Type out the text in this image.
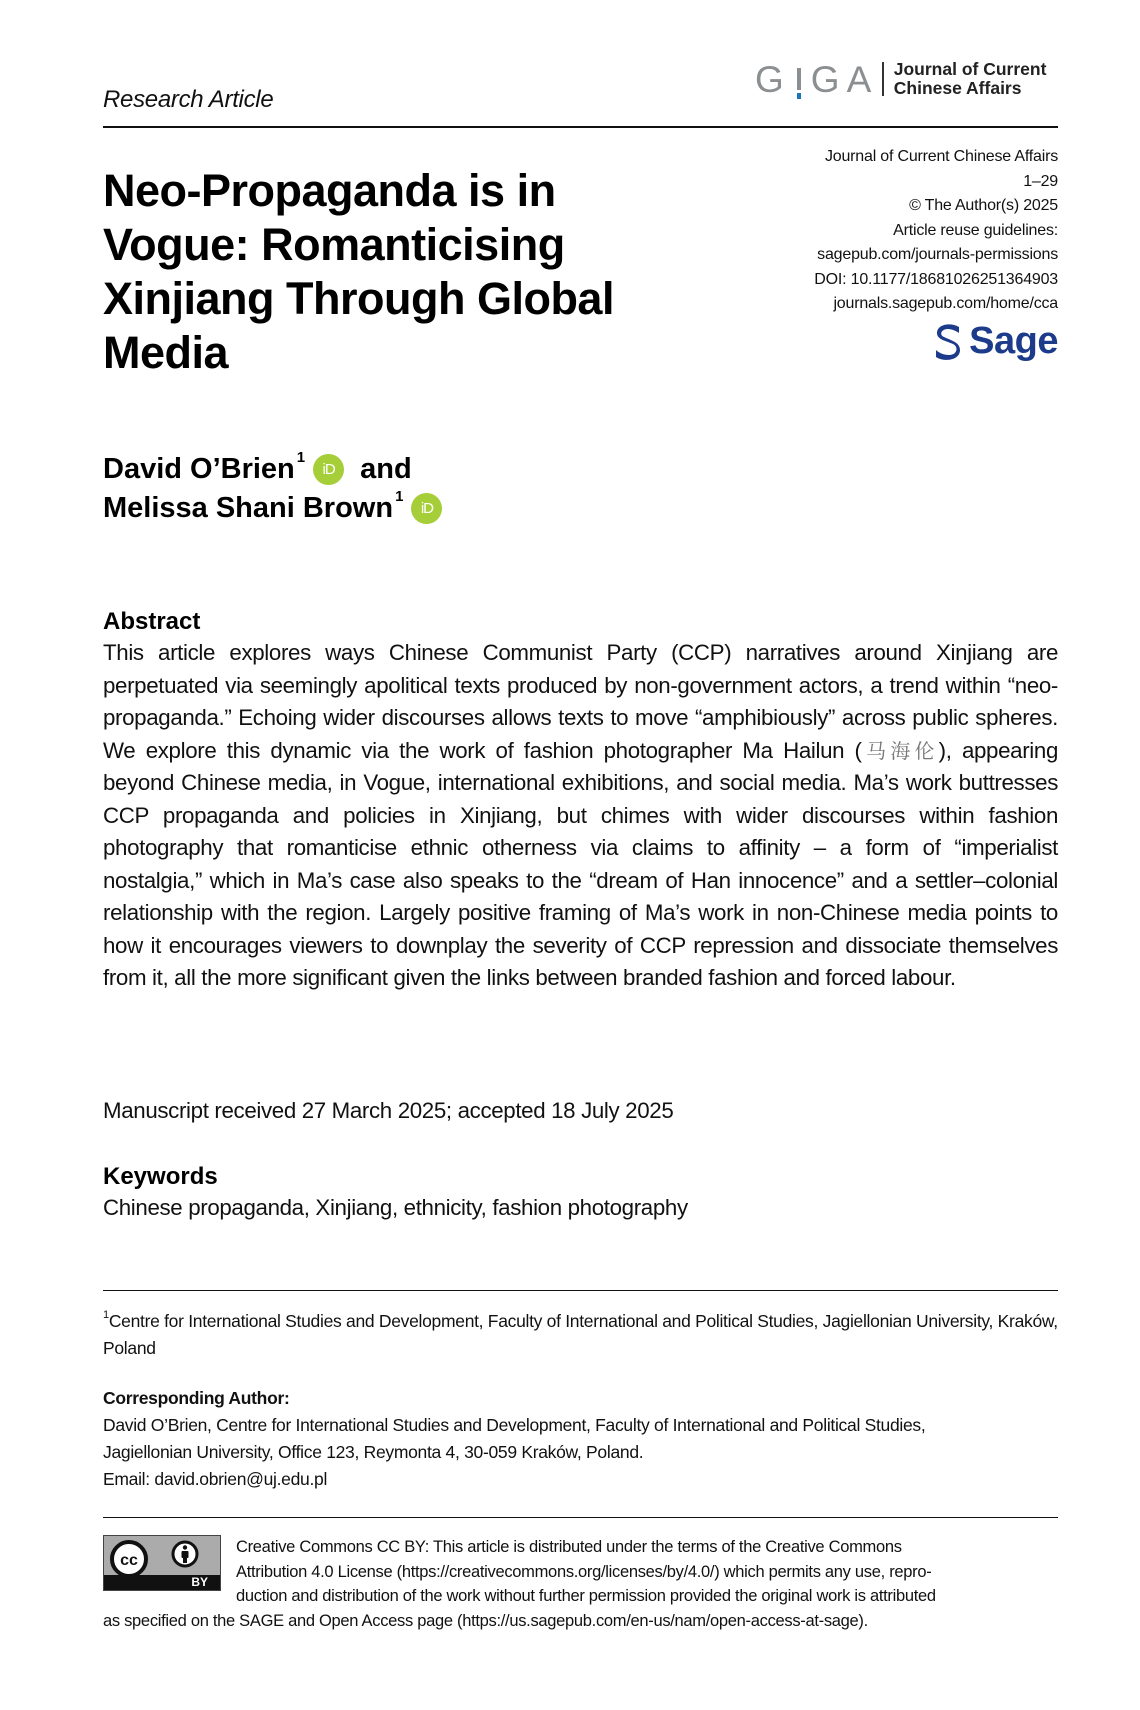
Research Article	G G A Journal of Current
Chinese Affairs
Neo-Propaganda is in Vogue: Romanticising Xinjiang Through Global Media
Journal of Current Chinese Affairs
1–29
© The Author(s) 2025
Article reuse guidelines:
sagepub.com/journals-permissions
DOI: 10.1177/18681026251364903
journals.sagepub.com/home/cca
Sage
David O’Brien$^1$
iD and
Melissa Shani Brown$^1$
iD
Abstract

This article explores ways Chinese Communist Party (CCP) narratives around Xinjiang are perpetuated via seemingly apolitical texts produced by non-government actors, a trend within “neo-propaganda.” Echoing wider discourses allows texts to move “amphibiously” across public spheres. We explore this dynamic via the work of fashion photographer Ma Hailun (马海伦), appearing beyond Chinese media, in Vogue, international exhibitions, and social media. Ma’s work buttresses CCP propaganda and policies in Xinjiang, but chimes with wider discourses within fashion photography that romanticise ethnic otherness via claims to affinity – a form of “imperialist nostalgia,” which in Ma’s case also speaks to the “dream of Han innocence” and a settler–colonial relationship with the region. Largely positive framing of Ma’s work in non-Chinese media points to how it encourages viewers to downplay the severity of CCP repression and dissociate themselves from it, all the more significant given the links between branded fashion and forced labour.

Manuscript received 27 March 2025; accepted 18 July 2025
Keywords

Chinese propaganda, Xinjiang, ethnicity, fashion photography

$^1$Centre for International Studies and Development, Faculty of International and Political Studies, Jagiellonian University, Kraków, Poland
Corresponding Author:
David O’Brien, Centre for International Studies and Development, Faculty of International and Political Studies,
Jagiellonian University, Office 123, Reymonta 4, 30-059 Kraków, Poland.
Email: david.obrien@uj.edu.pl
cc
BY
Creative Commons CC BY: This article is distributed under the terms of the Creative Commons
Attribution 4.0 License (https://creativecommons.org/licenses/by/4.0/) which permits any use, repro-
duction and distribution of the work without further permission provided the original work is attributed
as specified on the SAGE and Open Access page (https://us.sagepub.com/en-us/nam/open-access-at-sage).
